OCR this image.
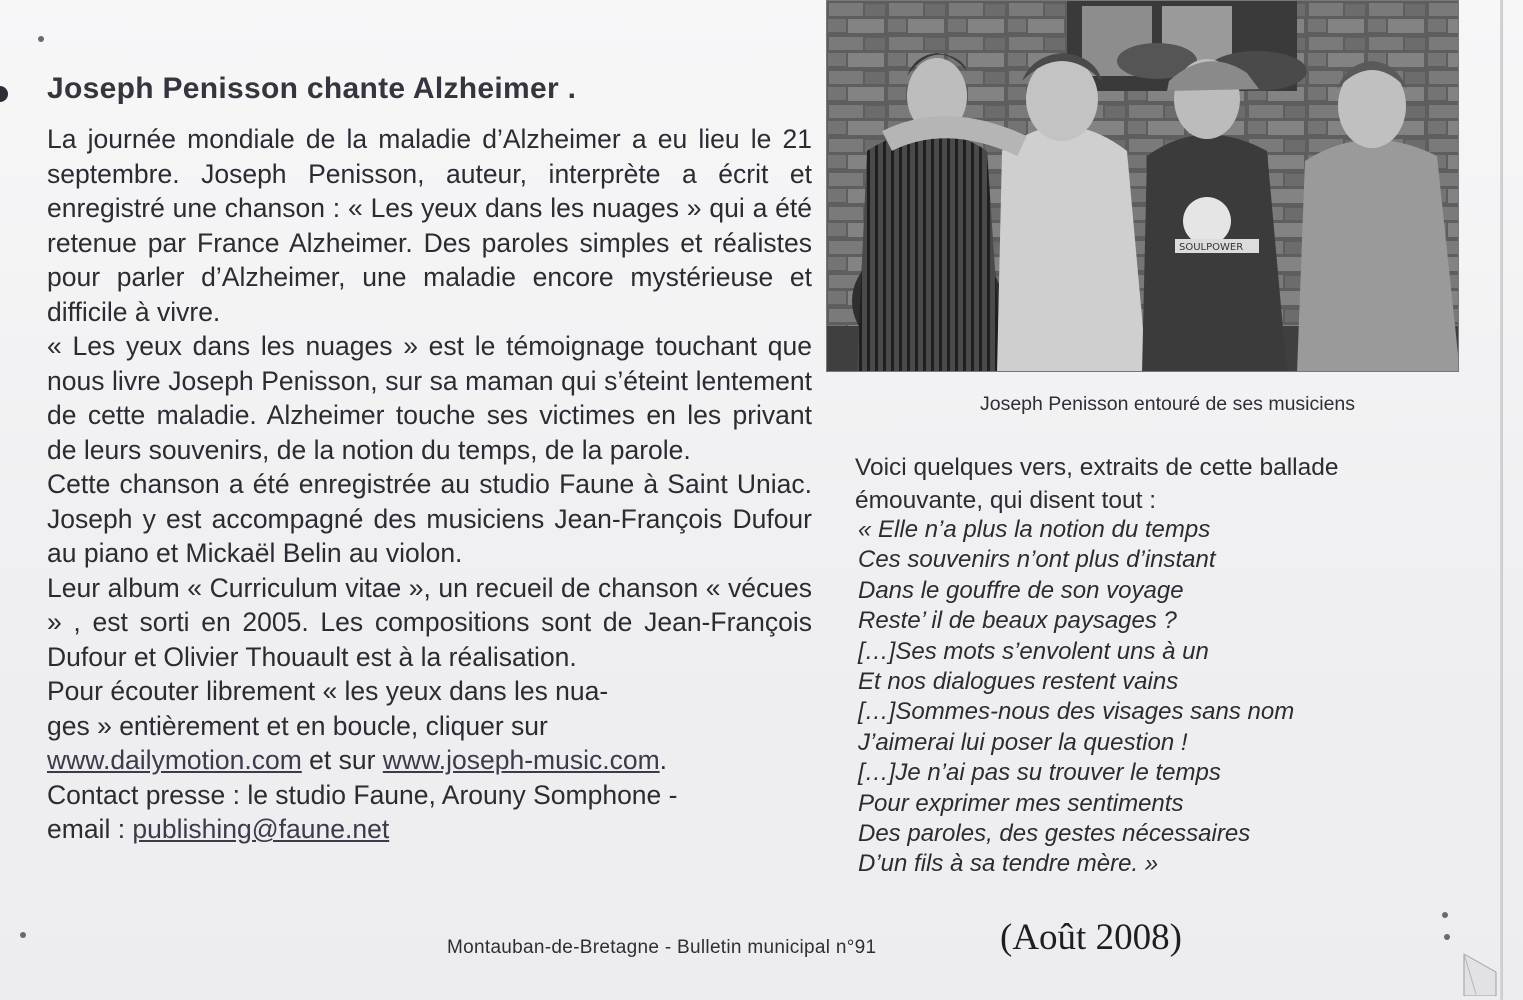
Joseph Penisson chante Alzheimer .

La journée mondiale de la maladie d’Alzheimer a eu lieu le 21 septembre. Joseph Penisson, auteur, interprète a écrit et enregistré une chanson : « Les yeux dans les nuages » qui a été retenue par France Alzheimer. Des paroles simples et réalistes pour parler d’Alzheimer, une maladie encore mystérieuse et difficile à vivre.

« Les yeux dans les nuages » est le témoignage touchant que nous livre Joseph Penisson, sur sa maman qui s’éteint lentement de cette maladie. Alzheimer touche ses victimes en les privant de leurs souvenirs, de la notion du temps, de la parole.

Cette chanson a été enregistrée au studio Faune à Saint Uniac. Joseph y est accompagné des musiciens Jean-François Dufour au piano et Mickaël Belin au violon.

Leur album « Curriculum vitae », un recueil de chanson « vécues » , est sorti en 2005. Les compositions sont de Jean-François Dufour et Olivier Thouault est à la réalisation.

Pour écouter librement « les yeux dans les nua-
ges » entièrement et en boucle, cliquer sur
www.dailymotion.com et sur www.joseph-music.com.
Contact presse : le studio Faune, Arouny Somphone -
email : publishing@faune.net
SOULPOWER
Joseph Penisson entouré de ses musiciens
Voici quelques vers, extraits de cette ballade
émouvante, qui disent tout :
« Elle n’a plus la notion du temps
Ces souvenirs n’ont plus d’instant
Dans le gouffre de son voyage
Reste’ il de beaux paysages ?
[…]Ses mots s’envolent uns à un
Et nos dialogues restent vains
[…]Sommes-nous des visages sans nom
J’aimerai lui poser la question !
[…]Je n’ai pas su trouver le temps
Pour exprimer mes sentiments
Des paroles, des gestes nécessaires
D’un fils à sa tendre mère. »
Montauban-de-Bretagne - Bulletin municipal n°91	(Août 2008)
